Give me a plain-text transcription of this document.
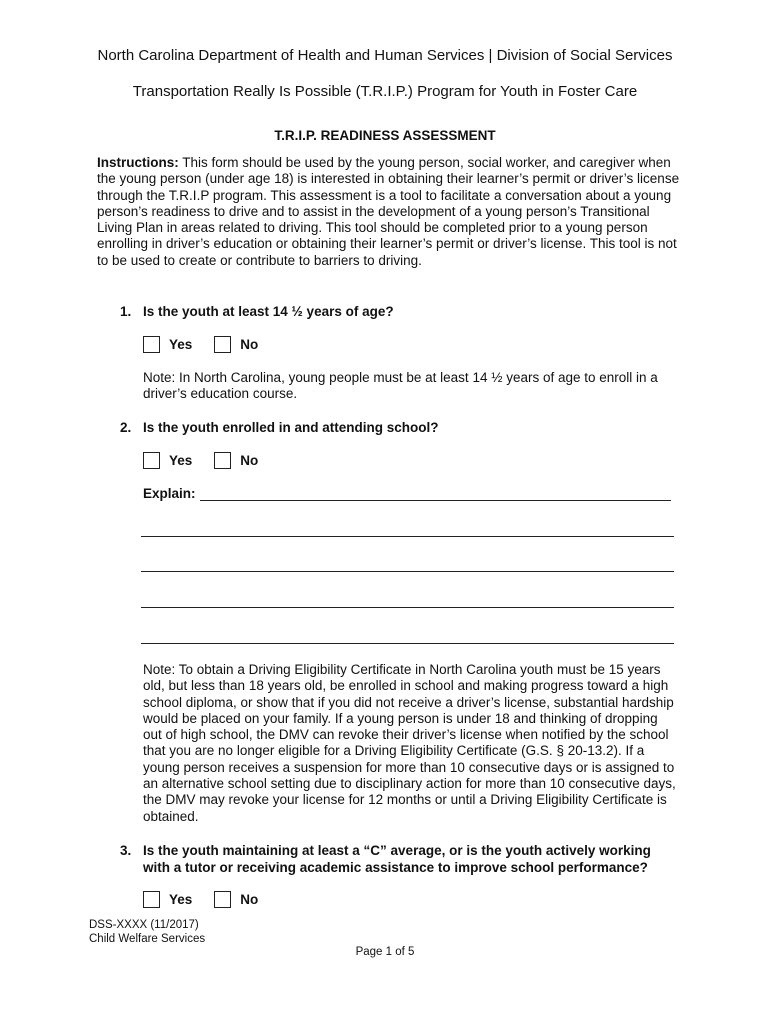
North Carolina Department of Health and Human Services | Division of Social Services
Transportation Really Is Possible (T.R.I.P.) Program for Youth in Foster Care
T.R.I.P. READINESS ASSESSMENT
Instructions: This form should be used by the young person, social worker, and caregiver when the young person (under age 18) is interested in obtaining their learner’s permit or driver’s license through the T.R.I.P program. This assessment is a tool to facilitate a conversation about a young person’s readiness to drive and to assist in the development of a young person’s Transitional Living Plan in areas related to driving. This tool should be completed prior to a young person enrolling in driver’s education or obtaining their learner’s permit or driver’s license. This tool is not to be used to create or contribute to barriers to driving.
1. Is the youth at least 14 ½ years of age?
Yes	No
Note: In North Carolina, young people must be at least 14 ½ years of age to enroll in a driver’s education course.
2. Is the youth enrolled in and attending school?
Yes	No
Explain:
Note: To obtain a Driving Eligibility Certificate in North Carolina youth must be 15 years old, but less than 18 years old, be enrolled in school and making progress toward a high school diploma, or show that if you did not receive a driver’s license, substantial hardship would be placed on your family. If a young person is under 18 and thinking of dropping out of high school, the DMV can revoke their driver’s license when notified by the school that you are no longer eligible for a Driving Eligibility Certificate (G.S. § 20-13.2). If a young person receives a suspension for more than 10 consecutive days or is assigned to an alternative school setting due to disciplinary action for more than 10 consecutive days, the DMV may revoke your license for 12 months or until a Driving Eligibility Certificate is obtained.
3. Is the youth maintaining at least a “C” average, or is the youth actively working with a tutor or receiving academic assistance to improve school performance?
Yes	No
DSS-XXXX (11/2017)
Child Welfare Services
Page 1 of 5
